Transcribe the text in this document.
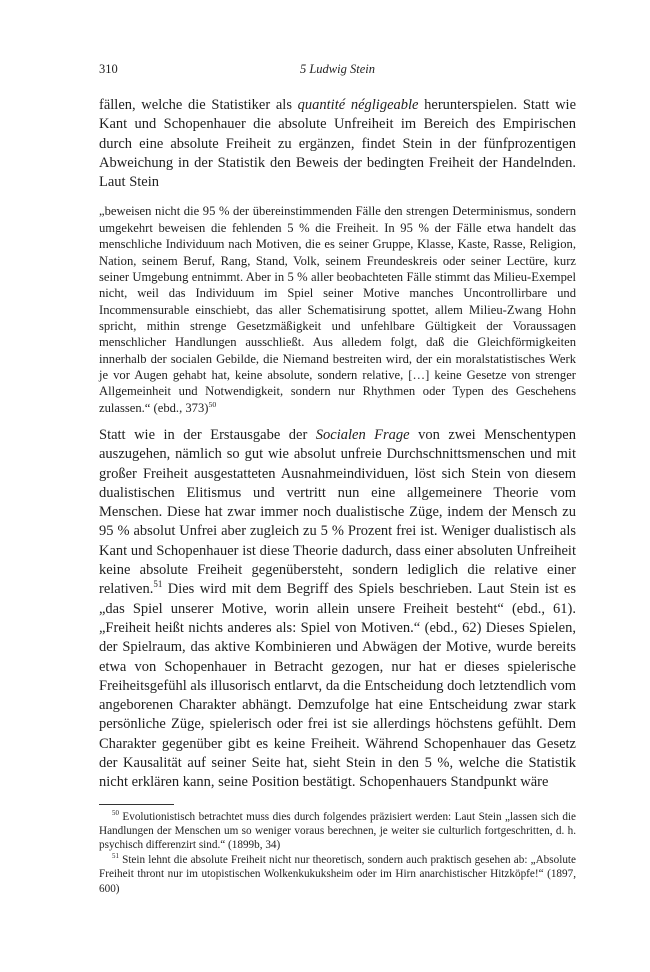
310	5 Ludwig Stein

fällen, welche die Statistiker als quantité négligeable herunterspielen. Statt wie Kant und Schopenhauer die absolute Unfreiheit im Bereich des Empirischen durch eine absolute Freiheit zu ergänzen, findet Stein in der fünfprozentigen Abweichung in der Statistik den Beweis der bedingten Freiheit der Handelnden. Laut Stein

„beweisen nicht die 95 % der übereinstimmenden Fälle den strengen Determinismus, sondern umgekehrt beweisen die fehlenden 5 % die Freiheit. In 95 % der Fälle etwa handelt das menschliche Individuum nach Motiven, die es seiner Gruppe, Klasse, Kaste, Rasse, Religion, Nation, seinem Beruf, Rang, Stand, Volk, seinem Freundeskreis oder seiner Lectüre, kurz seiner Umgebung entnimmt. Aber in 5 % aller beobachteten Fälle stimmt das Milieu-Exempel nicht, weil das Individuum im Spiel seiner Motive manches Uncontrollirbare und Incommensurable einschiebt, das aller Schematisirung spottet, allem Milieu-Zwang Hohn spricht, mithin strenge Gesetzmäßigkeit und unfehlbare Gültigkeit der Voraussagen menschlicher Handlungen ausschließt. Aus alledem folgt, daß die Gleichförmigkeiten innerhalb der socialen Gebilde, die Niemand bestreiten wird, der ein moralstatistisches Werk je vor Augen gehabt hat, keine absolute, sondern relative, […] keine Gesetze von strenger Allgemeinheit und Notwendigkeit, sondern nur Rhythmen oder Typen des Geschehens zulassen.“ (ebd., 373)$^{50}$

Statt wie in der Erstausgabe der Socialen Frage von zwei Menschentypen auszugehen, nämlich so gut wie absolut unfreie Durchschnittsmenschen und mit großer Freiheit ausgestatteten Ausnahmeindividuen, löst sich Stein von diesem dualistischen Elitismus und vertritt nun eine allgemeinere Theorie vom Menschen. Diese hat zwar immer noch dualistische Züge, indem der Mensch zu 95 % absolut Unfrei aber zugleich zu 5 % Prozent frei ist. Weniger dualistisch als Kant und Schopenhauer ist diese Theorie dadurch, dass einer absoluten Unfreiheit keine absolute Freiheit gegenübersteht, sondern lediglich die relative einer relativen.$^{51}$ Dies wird mit dem Begriff des Spiels beschrieben. Laut Stein ist es „das Spiel unserer Motive, worin allein unsere Freiheit besteht“ (ebd., 61). „Freiheit heißt nichts anderes als: Spiel von Motiven.“ (ebd., 62) Dieses Spielen, der Spielraum, das aktive Kombinieren und Abwägen der Motive, wurde bereits etwa von Schopenhauer in Betracht gezogen, nur hat er dieses spielerische Freiheitsgefühl als illusorisch entlarvt, da die Entscheidung doch letztendlich vom angeborenen Charakter abhängt. Demzufolge hat eine Entscheidung zwar stark persönliche Züge, spielerisch oder frei ist sie allerdings höchstens gefühlt. Dem Charakter gegenüber gibt es keine Freiheit. Während Schopenhauer das Gesetz der Kausalität auf seiner Seite hat, sieht Stein in den 5 %, welche die Statistik nicht erklären kann, seine Position bestätigt. Schopenhauers Standpunkt wäre

$^{50}$ Evolutionistisch betrachtet muss dies durch folgendes präzisiert werden: Laut Stein „lassen sich die Handlungen der Menschen um so weniger voraus berechnen, je weiter sie culturlich fortgeschritten, d. h. psychisch differenzirt sind.“ (1899b, 34)

$^{51}$ Stein lehnt die absolute Freiheit nicht nur theoretisch, sondern auch praktisch gesehen ab: „Absolute Freiheit thront nur im utopistischen Wolkenkukuksheim oder im Hirn anarchistischer Hitzköpfe!“ (1897, 600)
